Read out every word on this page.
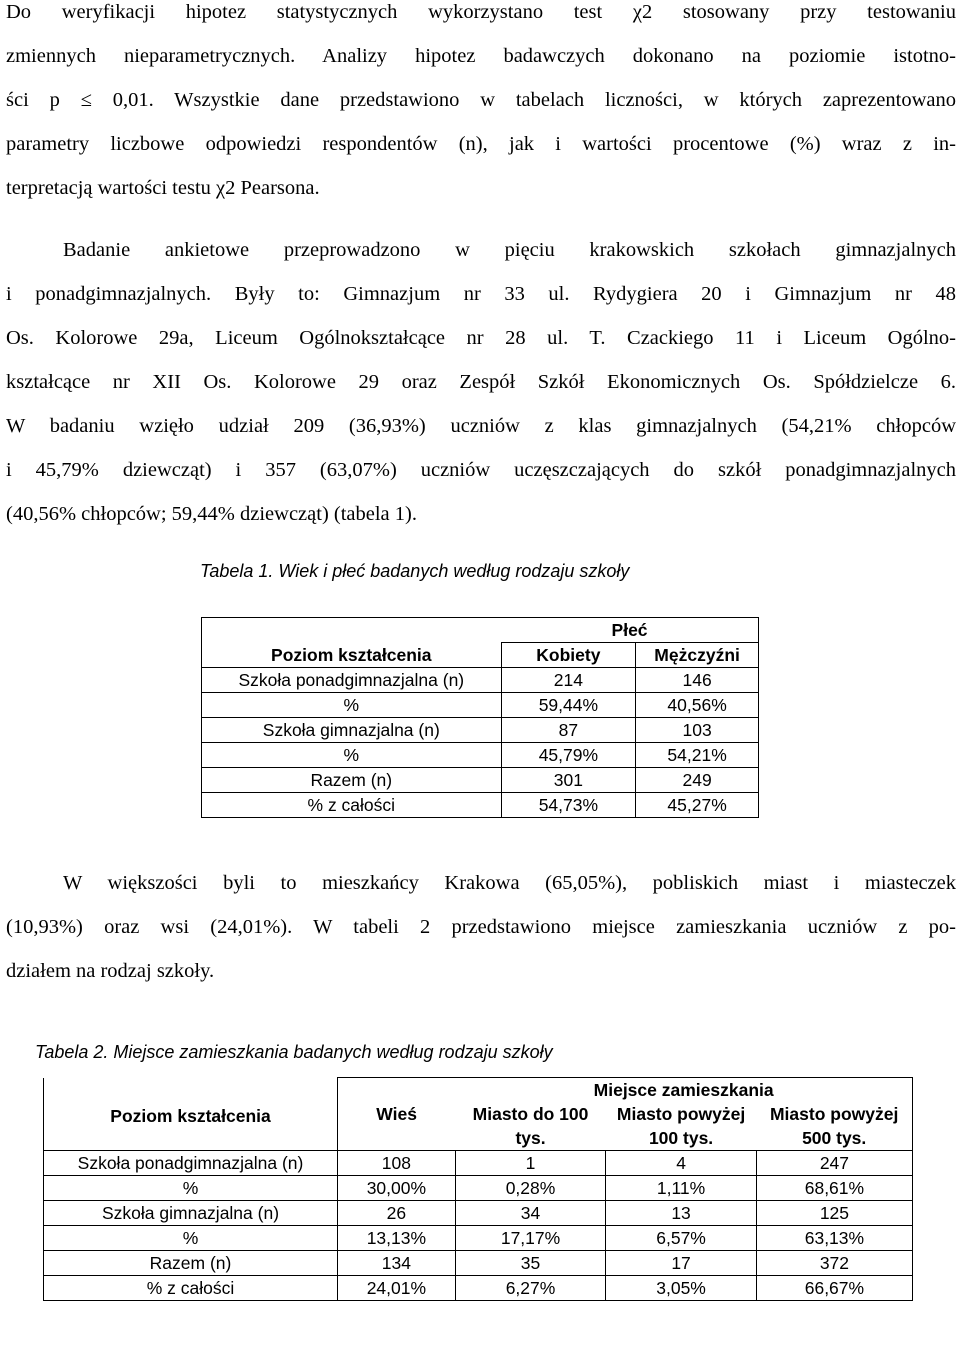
Do weryfikacji hipotez statystycznych wykorzystano test χ2 stosowany przy testowaniu
zmiennych nieparametrycznych. Analizy hipotez badawczych dokonano na poziomie istotno-
ści p ≤ 0,01. Wszystkie dane przedstawiono w tabelach liczności, w których zaprezentowano
parametry liczbowe odpowiedzi respondentów (n), jak i wartości procentowe (%) wraz z in-
terpretacją wartości testu χ2 Pearsona.
Badanie ankietowe przeprowadzono w pięciu krakowskich szkołach gimnazjalnych
i ponadgimnazjalnych. Były to: Gimnazjum nr 33 ul. Rydygiera 20 i Gimnazjum nr 48
Os. Kolorowe 29a, Liceum Ogólnokształcące nr 28 ul. T. Czackiego 11 i Liceum Ogólno-
kształcące nr XII Os. Kolorowe 29 oraz Zespół Szkół Ekonomicznych Os. Spółdzielcze 6.
W badaniu wzięło udział 209 (36,93%) uczniów z klas gimnazjalnych (54,21% chłopców
i 45,79% dziewcząt) i 357 (63,07%) uczniów uczęszczających do szkół ponadgimnazjalnych
(40,56% chłopców; 59,44% dziewcząt) (tabela 1).
Tabela 1. Wiek i płeć badanych według rodzaju szkoły
	Płeć	
Poziom kształcenia	Kobiety	Mężczyźni
Szkoła ponadgimnazjalna (n)	214	146
%	59,44%	40,56%
Szkoła gimnazjalna (n)	87	103
%	45,79%	54,21%
Razem (n)	301	249
% z całości	54,73%	45,27%
W większości byli to mieszkańcy Krakowa (65,05%), pobliskich miast i miasteczek
(10,93%) oraz wsi (24,01%). W tabeli 2 przedstawiono miejsce zamieszkania uczniów z po-
działem na rodzaj szkoły.
Tabela 2. Miejsce zamieszkania badanych według rodzaju szkoły
Poziom kształcenia		Miejsce zamieszkania		
	Wieś	Miasto do 100 tys.	Miasto powyżej 100 tys.	Miasto powyżej 500 tys.
Szkoła ponadgimnazjalna (n)	108	1	4	247
%	30,00%	0,28%	1,11%	68,61%
Szkoła gimnazjalna (n)	26	34	13	125
%	13,13%	17,17%	6,57%	63,13%
Razem (n)	134	35	17	372
% z całości	24,01%	6,27%	3,05%	66,67%
